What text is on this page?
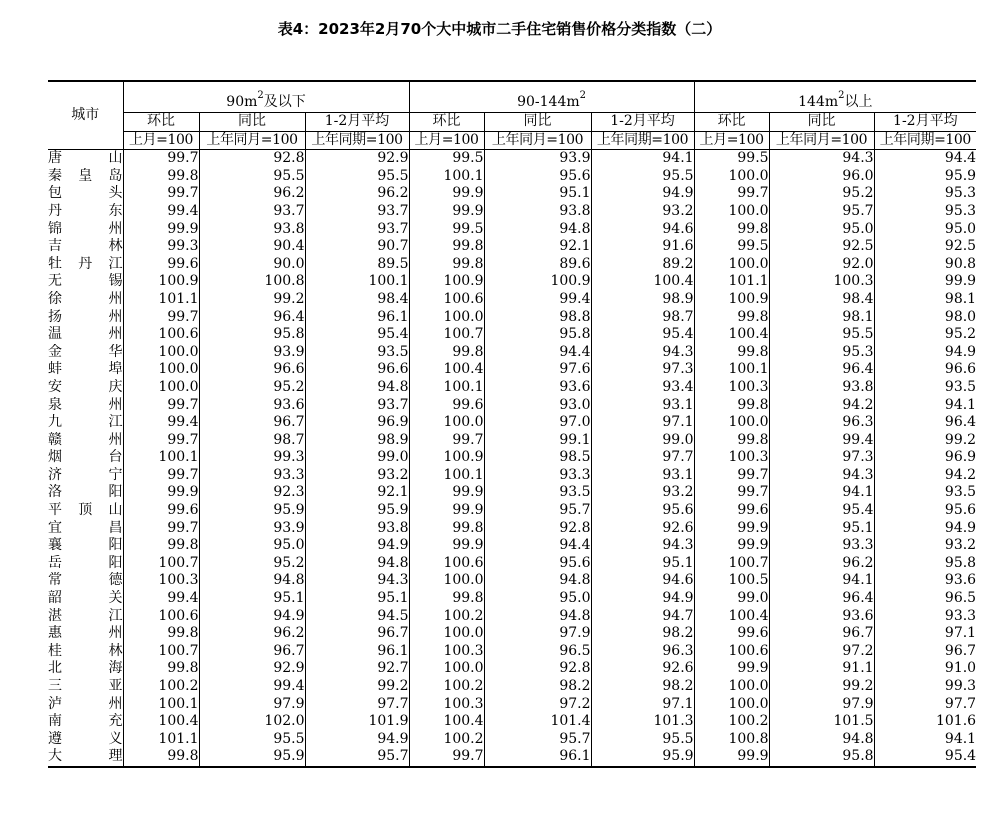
表4：2023年2月70个大中城市二手住宅销售价格分类指数（二）
城市	$90m^2$及以下			$90-144m^2$			$144m^2$以上		
	环比	同比	1-2月平均	环比	同比	1-2月平均	环比	同比	1-2月平均
	上月=100	上年同月=100	上年同期=100	上月=100	上年同月=100	上年同期=100	上月=100	上年同月=100	上年同期=100
唐山	99.7	92.8	92.9	99.5	93.9	94.1	99.5	94.3	94.4
秦皇岛	99.8	95.5	95.5	100.1	95.6	95.5	100.0	96.0	95.9
包头	99.7	96.2	96.2	99.9	95.1	94.9	99.7	95.2	95.3
丹东	99.4	93.7	93.7	99.9	93.8	93.2	100.0	95.7	95.3
锦州	99.9	93.8	93.7	99.5	94.8	94.6	99.8	95.0	95.0
吉林	99.3	90.4	90.7	99.8	92.1	91.6	99.5	92.5	92.5
牡丹江	99.6	90.0	89.5	99.8	89.6	89.2	100.0	92.0	90.8
无锡	100.9	100.8	100.1	100.9	100.9	100.4	101.1	100.3	99.9
徐州	101.1	99.2	98.4	100.6	99.4	98.9	100.9	98.4	98.1
扬州	99.7	96.4	96.1	100.0	98.8	98.7	99.8	98.1	98.0
温州	100.6	95.8	95.4	100.7	95.8	95.4	100.4	95.5	95.2
金华	100.0	93.9	93.5	99.8	94.4	94.3	99.8	95.3	94.9
蚌埠	100.0	96.6	96.6	100.4	97.6	97.3	100.1	96.4	96.6
安庆	100.0	95.2	94.8	100.1	93.6	93.4	100.3	93.8	93.5
泉州	99.7	93.6	93.7	99.6	93.0	93.1	99.8	94.2	94.1
九江	99.4	96.7	96.9	100.0	97.0	97.1	100.0	96.3	96.4
赣州	99.7	98.7	98.9	99.7	99.1	99.0	99.8	99.4	99.2
烟台	100.1	99.3	99.0	100.9	98.5	97.7	100.3	97.3	96.9
济宁	99.7	93.3	93.2	100.1	93.3	93.1	99.7	94.3	94.2
洛阳	99.9	92.3	92.1	99.9	93.5	93.2	99.7	94.1	93.5
平顶山	99.6	95.9	95.9	99.9	95.7	95.6	99.6	95.4	95.6
宜昌	99.7	93.9	93.8	99.8	92.8	92.6	99.9	95.1	94.9
襄阳	99.8	95.0	94.9	99.9	94.4	94.3	99.9	93.3	93.2
岳阳	100.7	95.2	94.8	100.6	95.6	95.1	100.7	96.2	95.8
常德	100.3	94.8	94.3	100.0	94.8	94.6	100.5	94.1	93.6
韶关	99.4	95.1	95.1	99.8	95.0	94.9	99.0	96.4	96.5
湛江	100.6	94.9	94.5	100.2	94.8	94.7	100.4	93.6	93.3
惠州	99.8	96.2	96.7	100.0	97.9	98.2	99.6	96.7	97.1
桂林	100.7	96.7	96.1	100.3	96.5	96.3	100.6	97.2	96.7
北海	99.8	92.9	92.7	100.0	92.8	92.6	99.9	91.1	91.0
三亚	100.2	99.4	99.2	100.2	98.2	98.2	100.0	99.2	99.3
泸州	100.1	97.9	97.7	100.3	97.2	97.1	100.0	97.9	97.7
南充	100.4	102.0	101.9	100.4	101.4	101.3	100.2	101.5	101.6
遵义	101.1	95.5	94.9	100.2	95.7	95.5	100.8	94.8	94.1
大理	99.8	95.9	95.7	99.7	96.1	95.9	99.9	95.8	95.4
